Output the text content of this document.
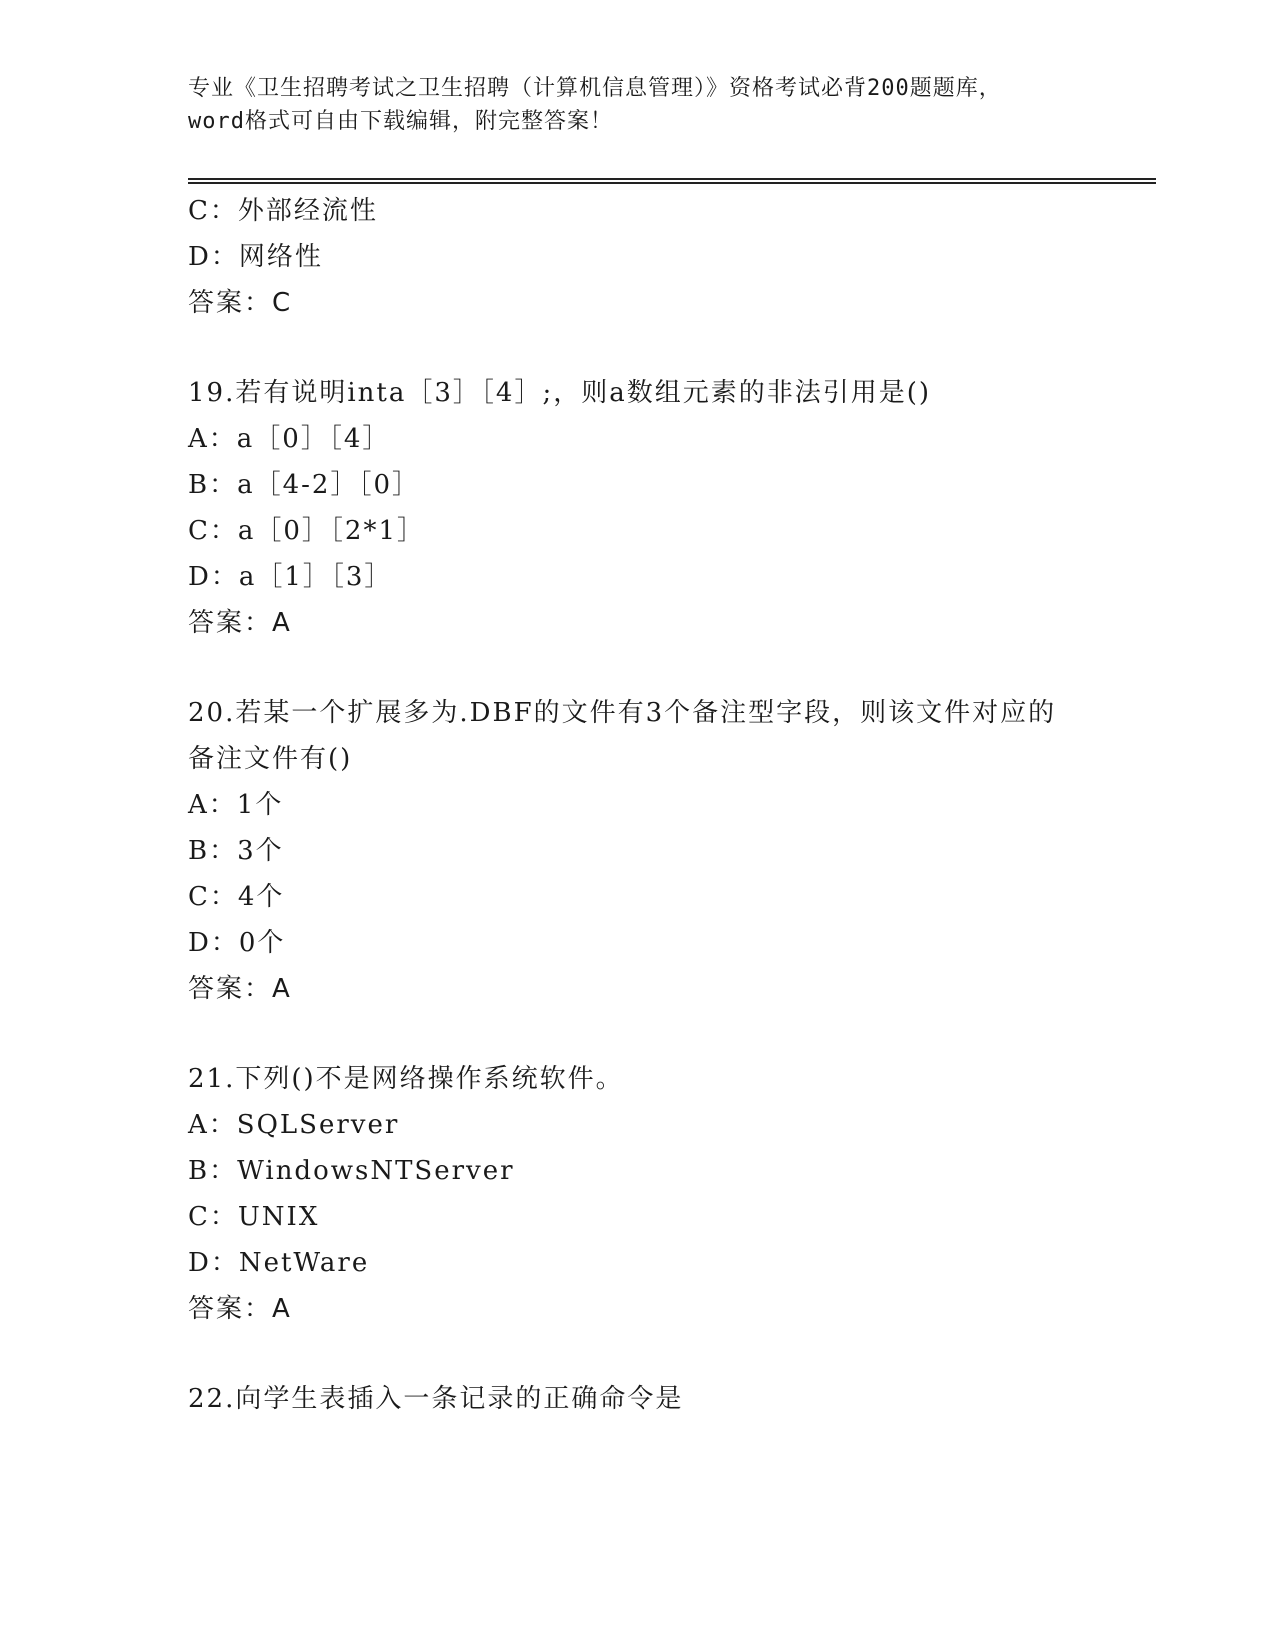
专业《卫生招聘考试之卫生招聘（计算机信息管理）》资格考试必背200题题库，
word格式可自由下载编辑，附完整答案！
C：外部经流性
D：网络性
答案：C
19.若有说明inta［3］［4］;，则a数组元素的非法引用是()
A：a［0］［4］
B：a［4-2］［0］
C：a［0］［2*1］
D：a［1］［3］
答案：A
20.若某一个扩展多为.DBF的文件有3个备注型字段，则该文件对应的
备注文件有()
A：1个
B：3个
C：4个
D：0个
答案：A
21.下列()不是网络操作系统软件。
A：SQLServer
B：WindowsNTServer
C：UNIX
D：NetWare
答案：A
22.向学生表插入一条记录的正确命令是
